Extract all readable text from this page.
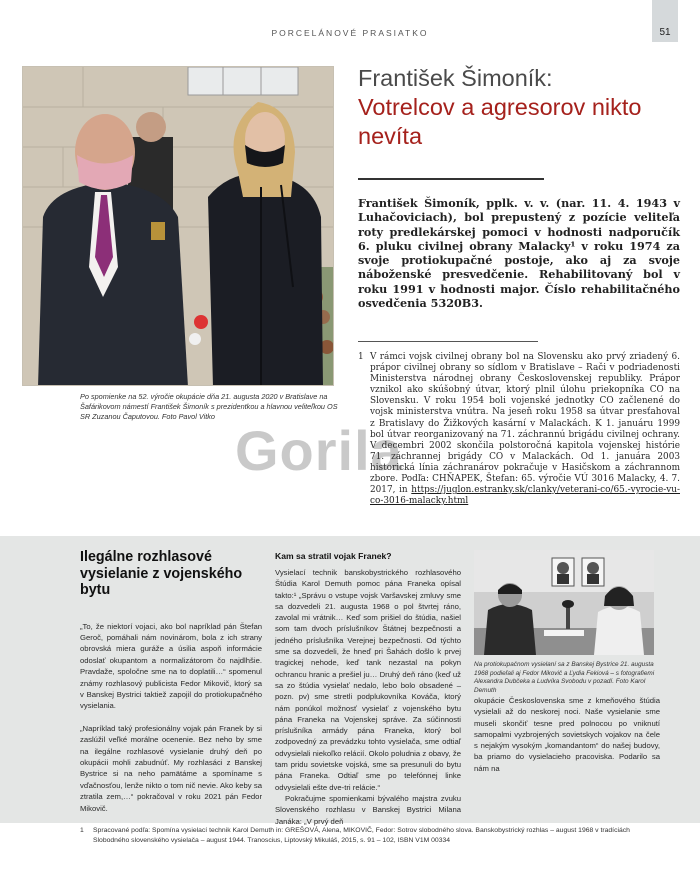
PORCELÁNOVÉ PRASIATKO	51
Po spomienke na 52. výročie okupácie dňa 21. augusta 2020 v Bratislave na Šafárikovom námestí František Šimoník s prezidentkou a hlavnou veliteľkou OS SR Zuzanou Čaputovou. Foto Pavol Vitko
František Šimoník:
Votrelcov a agresorov nikto nevíta
František Šimoník, pplk. v. v. (nar. 11. 4. 1943 v Luhačoviciach), bol prepustený z pozície veliteľa roty predlekárskej pomoci v hodnosti nadporučík 6. pluku civilnej obrany Malacky¹ v roku 1974 za svoje protiokupačné postoje, ako aj za svoje náboženské presvedčenie. Rehabilitovaný bol v roku 1991 v hodnosti major. Číslo rehabilitačného osvedčenia 5320B3.
1 V rámci vojsk civilnej obrany bol na Slovensku ako prvý zriadený 6. prápor civilnej obrany so sídlom v Bratislave – Rači v podriadenosti Ministerstva národnej obrany Československej republiky. Prápor vznikol ako skúšobný útvar, ktorý plnil úlohu priekopníka CO na Slovensku. V roku 1954 boli vojenské jednotky CO začlenené do vojsk ministerstva vnútra. Na jeseň roku 1958 sa útvar presťahoval z Bratislavy do Žižkových kasární v Malackách. K 1. januáru 1999 bol útvar reorganizovaný na 71. záchrannú brigádu civilnej ochrany. V decembri 2002 skončila polstoročná kapitola vojenskej histórie 71. záchrannej brigády CO v Malackách. Od 1. januára 2003 historická línia záchranárov pokračuje v Hasičskom a záchrannom zbore. Podľa: CHŇAPEK, Štefan: 65. výročie VÚ 3016 Malacky, 4. 7. 2017, in https://juglon.estranky.sk/clanky/veterani-co/65.-vyrocie-vu-co-3016-malacky.html
Gorila
Ilegálne rozhlasové vysielanie z vojenského bytu

„To, že niektorí vojaci, ako bol napríklad pán Štefan Geroč, pomáhali nám novinárom, bola z ich strany obrovská miera guráže a úsilia aspoň informácie odoslať okupantom a normalizátorom čo najdlhšie. Pravdaže, spoločne sme na to doplatili…“ spomenul známy rozhlasový publicista Fedor Mikovič, ktorý sa v Banskej Bystrici taktiež zapojil do protiokupačného vysielania.

„Napríklad taký profesionálny vojak pán Franek by si zaslúžil veľké morálne ocenenie. Bez neho by sme na ilegálne rozhlasové vysielanie druhý deň po okupácii mohli zabudnúť. My rozhlasáci z Banskej Bystrice si na neho pamätáme a spomíname s vďačnosťou, lenže nikto o tom nič nevie. Ako keby sa ztratila zem,…“ pokračoval v roku 2021 pán Fedor Mikovič.

Kam sa stratil vojak Franek?

Vysielací technik banskobystrického rozhlasového Štúdia Karol Demuth pomoc pána Franeka opísal takto:¹ „Správu o vstupe vojsk Varšavskej zmluvy sme sa dozvedeli 21. augusta 1968 o pol štvrtej ráno, zavolal mi vrátnik… Keď som prišiel do štúdia, našiel som tam dvoch príslušníkov Štátnej bezpečnosti a jedného príslušníka Verejnej bezpečnosti. Od týchto sme sa dozvedeli, že hneď pri Šahách došlo k prvej tragickej nehode, keď tank nezastal na pokyn ochrancu hranic a prešiel ju… Druhý deň ráno (keď už sa zo štúdia vysielať nedalo, lebo bolo obsadené – pozn. pv) sme stretli podplukovníka Kováča, ktorý nám ponúkol možnosť vysielať z vojenského bytu pána Franeka na Vojenskej správe. Za súčinnosti príslušníka armády pána Franeka, ktorý bol zodpovedný za prevádzku tohto vysielača, sme odtiaľ odvysielali niekoľko relácií. Okolo poludnia z obavy, že tam pridu sovietske vojská, sme sa presunuli do bytu pána Franeka. Odtiaľ sme po telefónnej linke odvysielali ešte dve-tri relácie.“

Pokračujme spomienkami bývalého majstra zvuku Slovenského rozhlasu v Banskej Bystrici Milana Janáka: „V prvý deň

Na protiokupačnom vysielaní sa z Banskej Bystrice 21. augusta 1968 podieľali aj Fedor Mikovič a Ľydia Fekiová – s fotografiemi Alexandra Dubčeka a Ludvíka Svobodu v pozadí. Foto Karol Demuth
okupácie Československa sme z kmeňového štúdia vysielali až do neskorej noci. Naše vysielanie sme museli skončiť tesne pred polnocou po vniknutí samopalmi vyzbrojených sovietskych vojakov na čele s nejakým vysokým „komandantom“ do našej budovy, ba priamo do vysielacieho pracoviska. Podarilo sa nám na
1	Spracované podľa: Spomína vysielací technik Karol Demuth in: GREŠOVÁ, Alena, MIKOVIČ, Fedor: Sotrov slobodného slova. Banskobystrický rozhlas – august 1968 v tradíciách Slobodného slovenského vysielača – august 1944. Tranoscius, Liptovský Mikuláš, 2015, s. 91 – 102, ISBN V1M 00334
